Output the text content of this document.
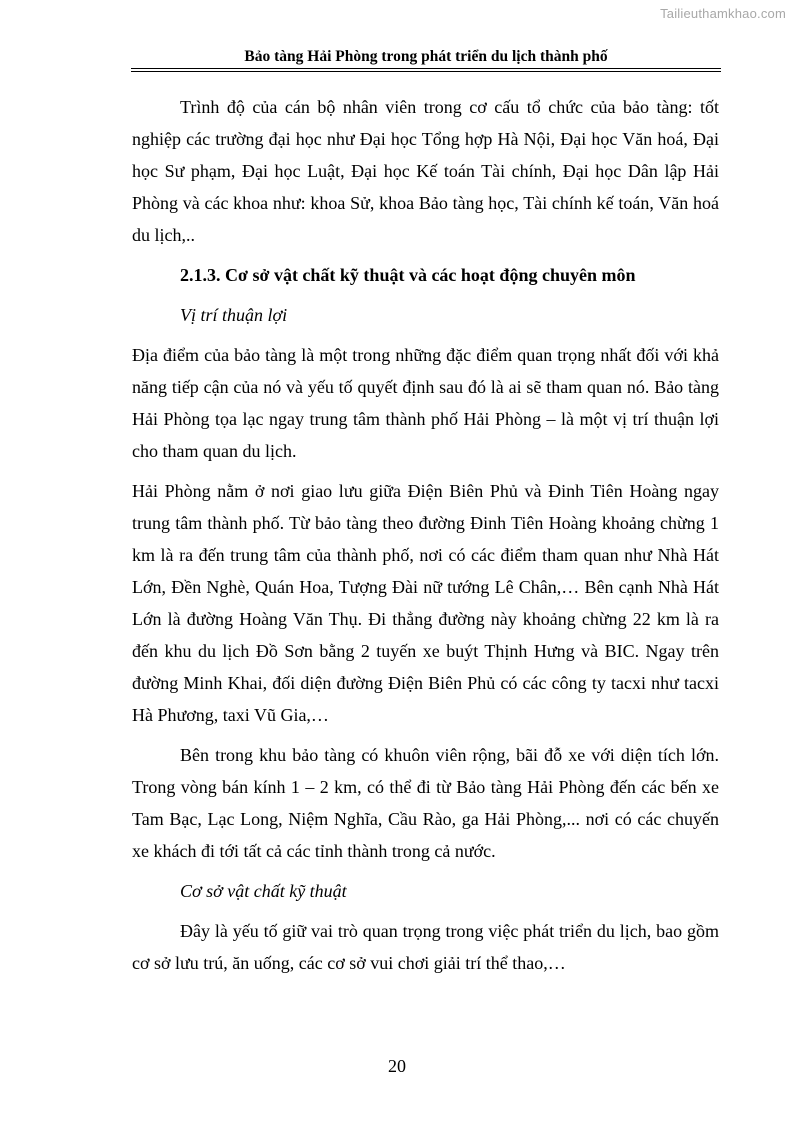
Tailieuthamkhao.com
Bảo tàng Hải Phòng trong phát triển du lịch thành phố

Trình độ của cán bộ nhân viên trong cơ cấu tổ chức của bảo tàng: tốt nghiệp các trường đại học như Đại học Tổng hợp Hà Nội, Đại học Văn hoá, Đại học Sư phạm, Đại học Luật, Đại học Kế toán Tài chính, Đại học Dân lập Hải Phòng và các khoa như: khoa Sử, khoa Bảo tàng học, Tài chính kế toán, Văn hoá du lịch,..

2.1.3. Cơ sở vật chất kỹ thuật và các hoạt động chuyên môn

Vị trí thuận lợi

Địa điểm của bảo tàng là một trong những đặc điểm quan trọng nhất đối với khả năng tiếp cận của nó và yếu tố quyết định sau đó là ai sẽ tham quan nó. Bảo tàng Hải Phòng tọa lạc ngay trung tâm thành phố Hải Phòng – là một vị trí thuận lợi cho tham quan du lịch.

Hải Phòng nằm ở nơi giao lưu giữa Điện Biên Phủ và Đinh Tiên Hoàng ngay trung tâm thành phố. Từ bảo tàng theo đường Đinh Tiên Hoàng khoảng chừng 1 km là ra đến trung tâm của thành phố, nơi có các điểm tham quan như Nhà Hát Lớn, Đền Nghè, Quán Hoa, Tượng Đài nữ tướng Lê Chân,… Bên cạnh Nhà Hát Lớn là đường Hoàng Văn Thụ. Đi thẳng đường này khoảng chừng 22 km là ra đến khu du lịch Đồ Sơn bằng 2 tuyến xe buýt Thịnh Hưng và BIC. Ngay trên đường Minh Khai, đối diện đường Điện Biên Phủ có các công ty tacxi như tacxi Hà Phương, taxi Vũ Gia,…

Bên trong khu bảo tàng có khuôn viên rộng, bãi đỗ xe với diện tích lớn. Trong vòng bán kính 1 – 2 km, có thể đi từ Bảo tàng Hải Phòng đến các bến xe Tam Bạc, Lạc Long, Niệm Nghĩa, Cầu Rào, ga Hải Phòng,... nơi có các chuyến xe khách đi tới tất cả các tỉnh thành trong cả nước.

Cơ sở vật chất kỹ thuật

Đây là yếu tố giữ vai trò quan trọng trong việc phát triển du lịch, bao gồm cơ sở lưu trú, ăn uống, các cơ sở vui chơi giải trí thể thao,…

20
